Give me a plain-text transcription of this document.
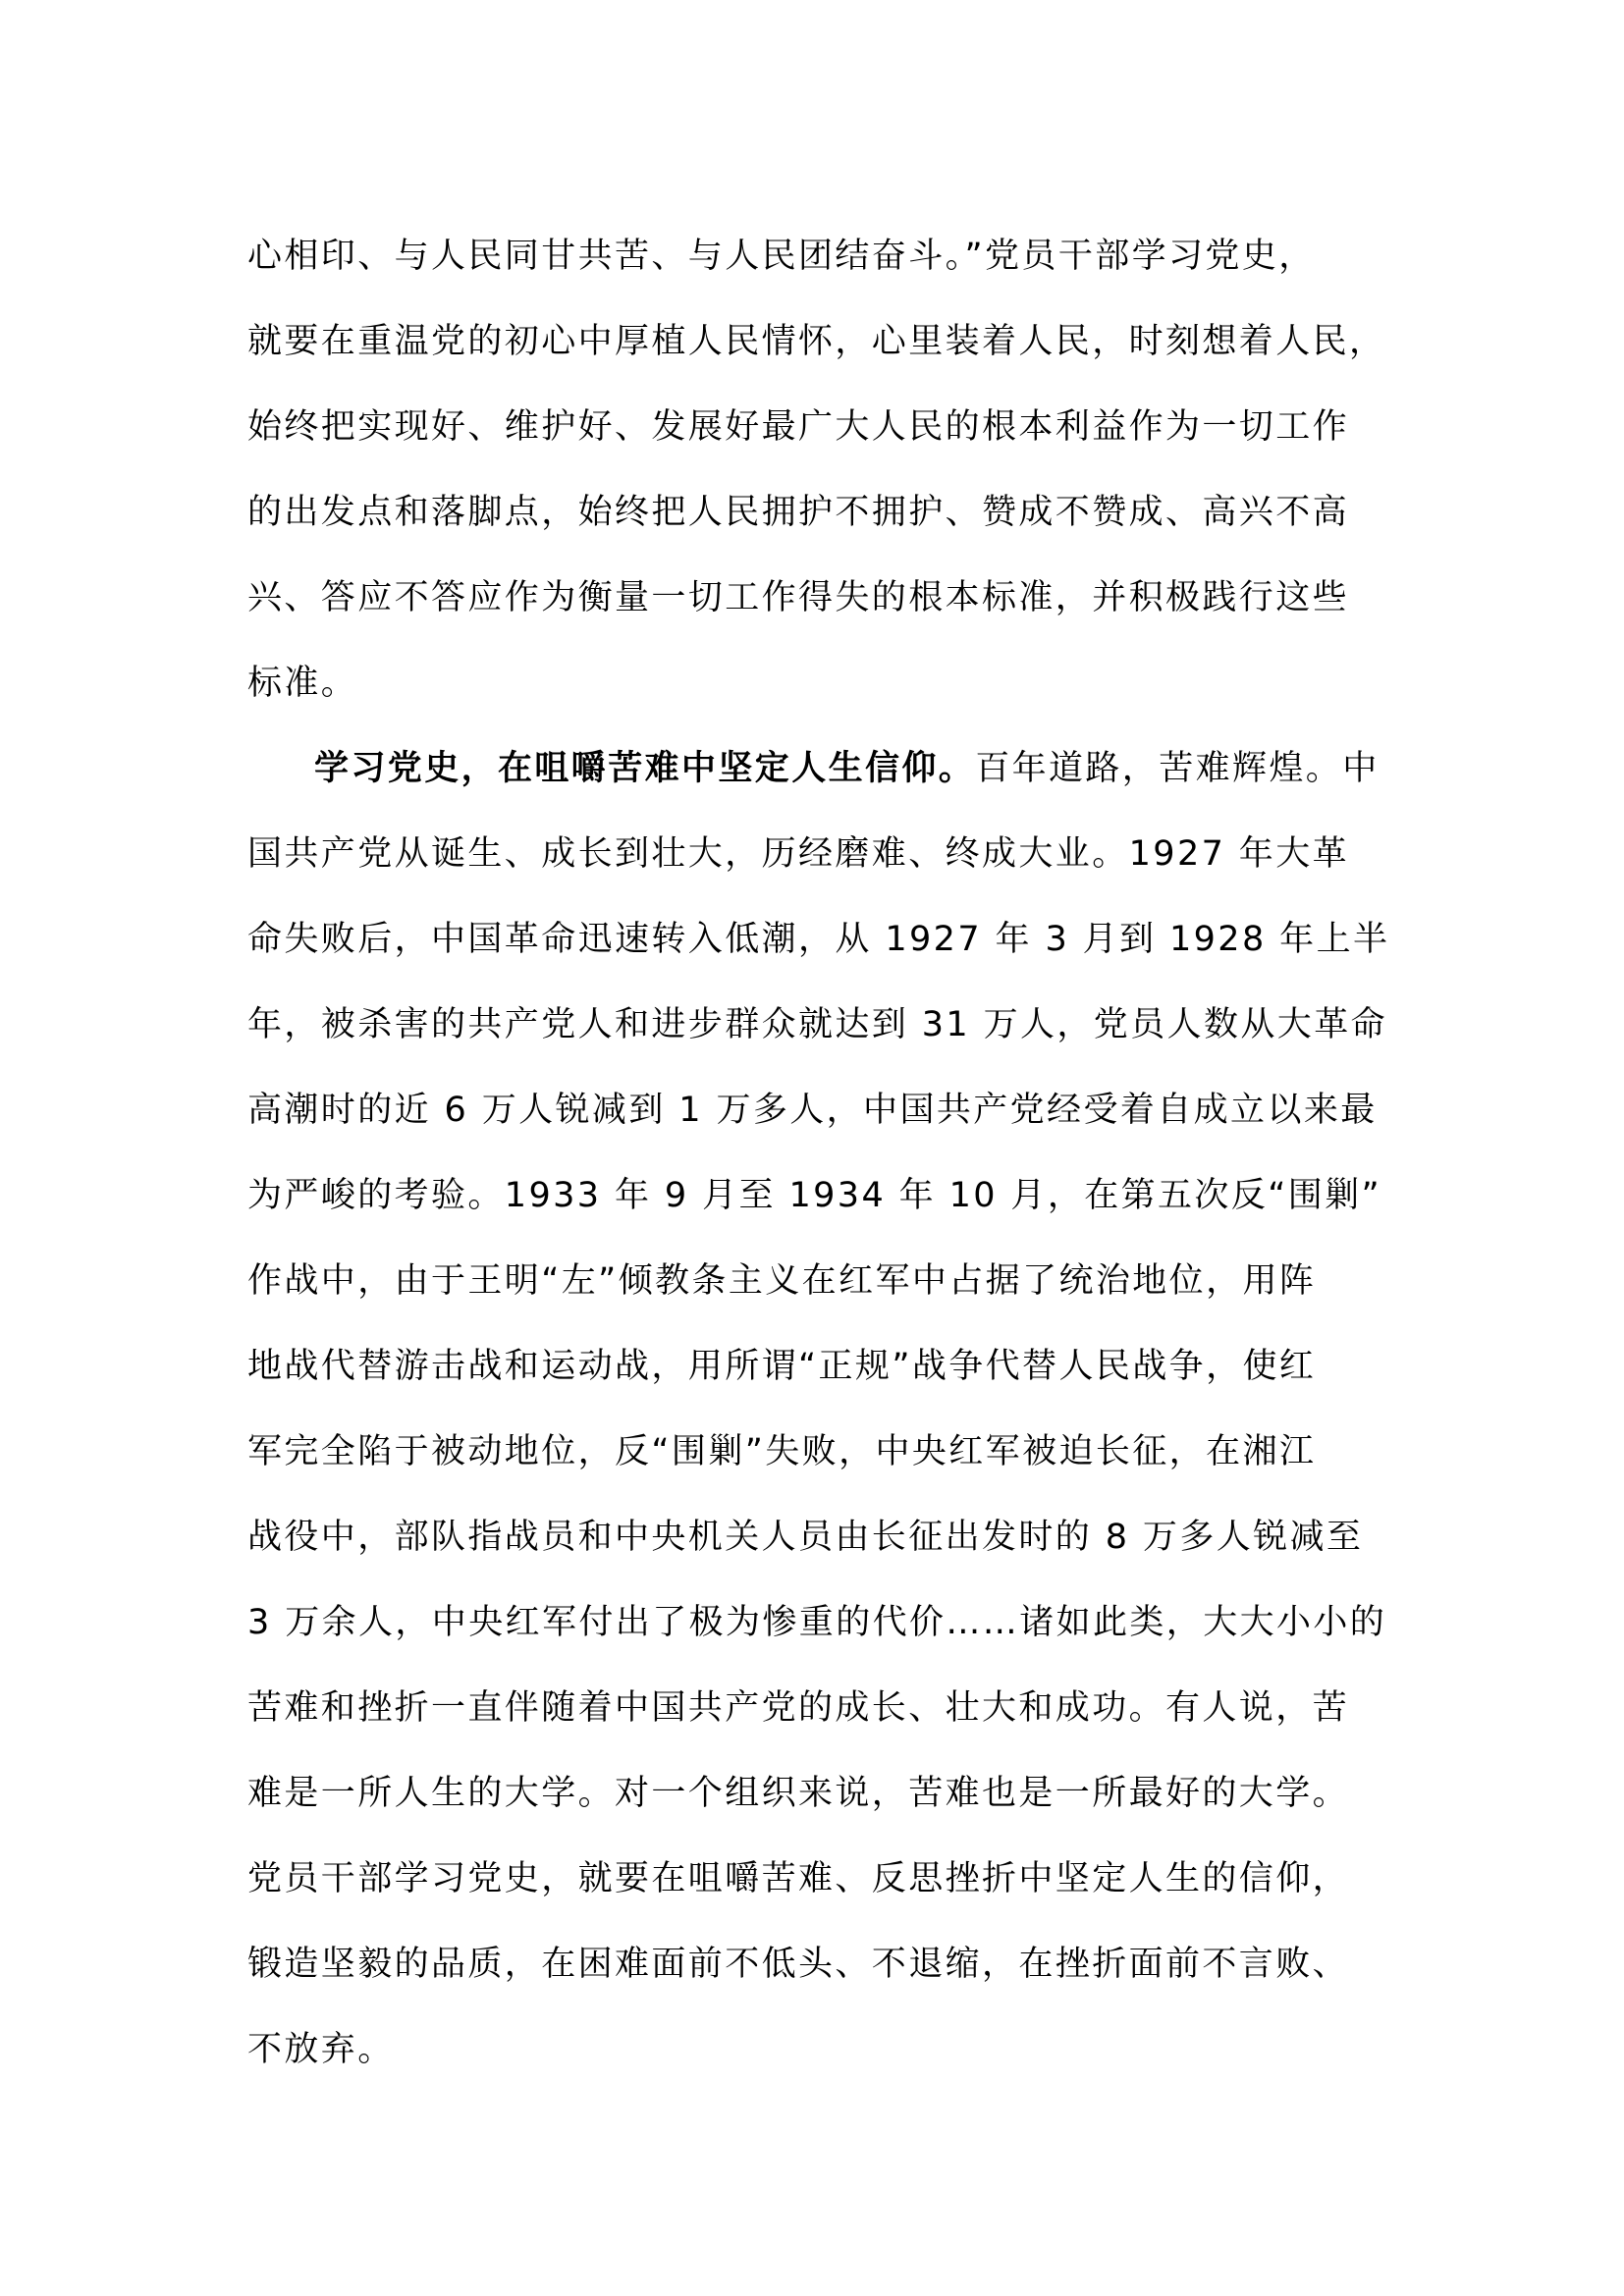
心相印、与人民同甘共苦、与人民团结奋斗。”党员干部学习党史，
就要在重温党的初心中厚植人民情怀，心里装着人民，时刻想着人民，
始终把实现好、维护好、发展好最广大人民的根本利益作为一切工作
的出发点和落脚点，始终把人民拥护不拥护、赞成不赞成、高兴不高
兴、答应不答应作为衡量一切工作得失的根本标准，并积极践行这些
标准。
学习党史，在咀嚼苦难中坚定人生信仰。百年道路，苦难辉煌。中
国共产党从诞生、成长到壮大，历经磨难、终成大业。1927 年大革
命失败后，中国革命迅速转入低潮，从 1927 年 3 月到 1928 年上半
年，被杀害的共产党人和进步群众就达到 31 万人，党员人数从大革命
高潮时的近 6 万人锐减到 1 万多人，中国共产党经受着自成立以来最
为严峻的考验。1933 年 9 月至 1934 年 10 月，在第五次反“围剿”
作战中，由于王明“左”倾教条主义在红军中占据了统治地位，用阵
地战代替游击战和运动战，用所谓“正规”战争代替人民战争，使红
军完全陷于被动地位，反“围剿”失败，中央红军被迫长征，在湘江
战役中，部队指战员和中央机关人员由长征出发时的 8 万多人锐减至
3 万余人，中央红军付出了极为惨重的代价……诸如此类，大大小小的
苦难和挫折一直伴随着中国共产党的成长、壮大和成功。有人说，苦
难是一所人生的大学。对一个组织来说，苦难也是一所最好的大学。
党员干部学习党史，就要在咀嚼苦难、反思挫折中坚定人生的信仰，
锻造坚毅的品质，在困难面前不低头、不退缩，在挫折面前不言败、
不放弃。
